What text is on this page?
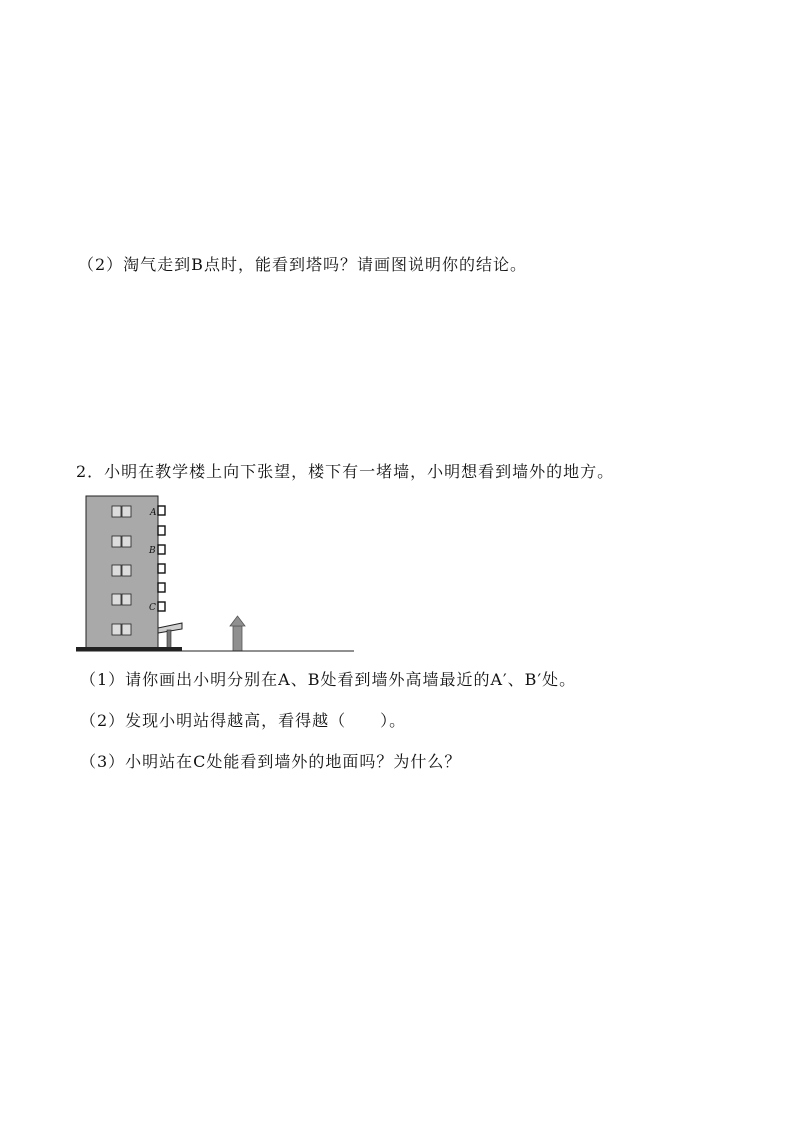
（2）淘气走到B点时，能看到塔吗？请画图说明你的结论。
2．小明在教学楼上向下张望，楼下有一堵墙，小明想看到墙外的地方。
A
B
C
（1）请你画出小明分别在A、B处看到墙外高墙最近的A′、B′处。
（2）发现小明站得越高，看得越（　　）。
（3）小明站在C处能看到墙外的地面吗？为什么？
